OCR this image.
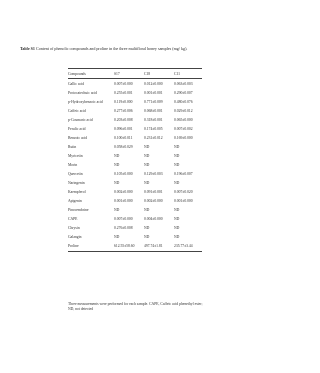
Table S1 Content of phenolic compounds and proline in the three multifloral honey samples (mg/ kg).
Compounds	S17	C18	C11
Gallic acid	0.007±0.000	0.012±0.000	0.063±0.003
Protocatechuic acid	0.255±0.001	0.001±0.001	0.290±0.007
p-Hydroxybenzoic acid	0.119±0.000	0.771±0.009	0.480±0.076
Caffeic acid	0.277±0.006	0.068±0.001	0.029±0.012
p-Coumaric acid	0.203±0.008	0.318±0.001	0.065±0.000
Ferulic acid	0.096±0.001	0.174±0.005	0.007±0.002
Benzoic acid	0.100±0.011	0.231±0.012	0.169±0.000
Rutin	0.058±0.029	ND	ND
Myricetin	ND	ND	ND
Morin	ND	ND	ND
Quercetin	0.105±0.000	0.129±0.003	0.196±0.007
Naringenin	ND	ND	ND
Kaempferol	0.002±0.000	0.091±0.001	0.007±0.020
Apigenin	0.001±0.000	0.002±0.000	0.001±0.000
Pinocembrine	ND	ND	ND
CAPE	0.007±0.000	0.004±0.000	ND
Chrysin	0.276±0.008	ND	ND
Galangin	ND	ND	ND
Proline	612.55±58.60	497.74±1.81	235.77±3.44
Three measurements were performed for each sample. CAPE, Caffeic acid phenethyl ester;
ND, not detected
